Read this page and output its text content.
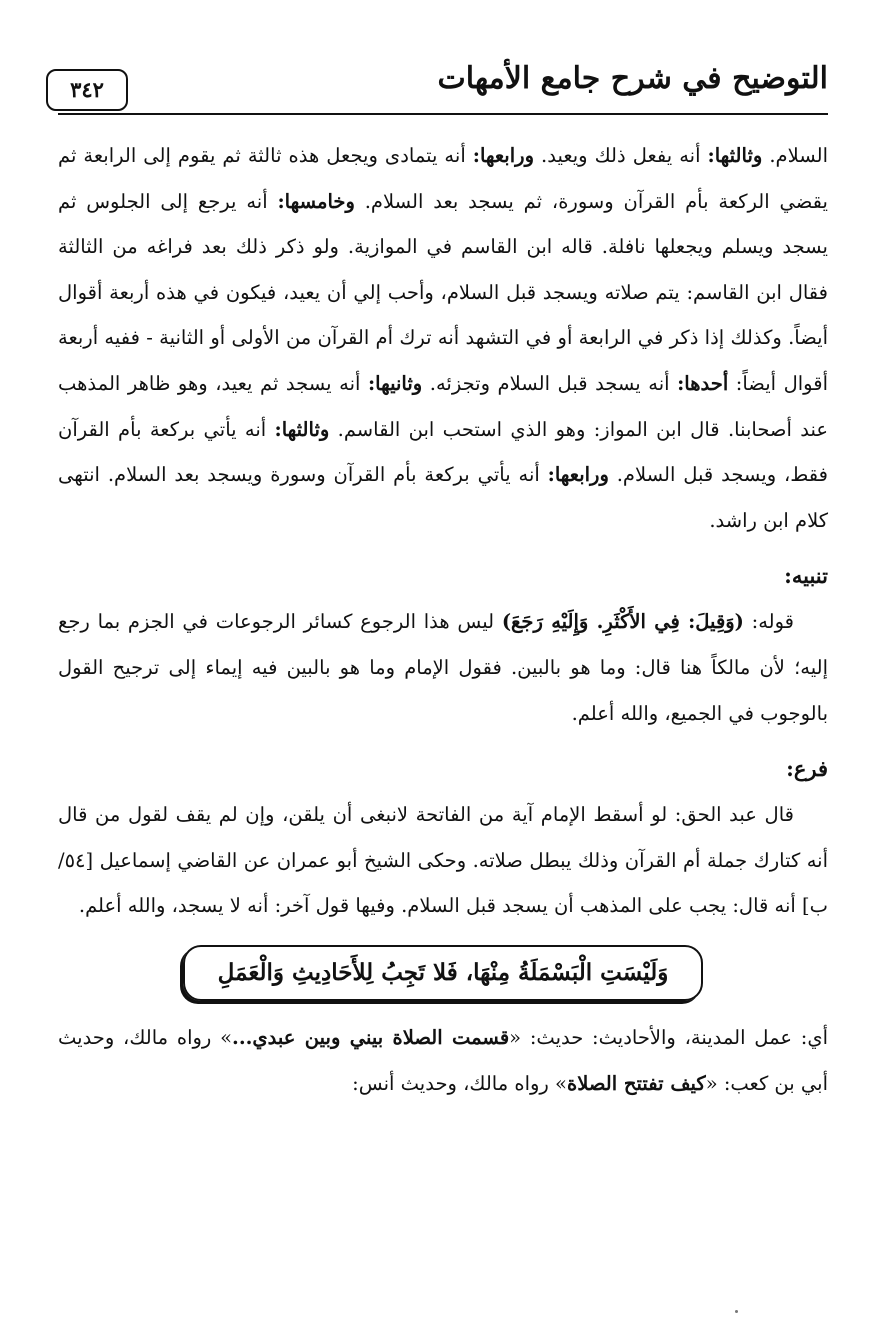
التوضيح في شرح جامع الأمهات
٣٤٢

السلام. وثالثها: أنه يفعل ذلك ويعيد. ورابعها: أنه يتمادى ويجعل هذه ثالثة ثم يقوم إلى الرابعة ثم يقضي الركعة بأم القرآن وسورة، ثم يسجد بعد السلام. وخامسها: أنه يرجع إلى الجلوس ثم يسجد ويسلم ويجعلها نافلة. قاله ابن القاسم في الموازية. ولو ذكر ذلك بعد فراغه من الثالثة فقال ابن القاسم: يتم صلاته ويسجد قبل السلام، وأحب إلي أن يعيد، فيكون في هذه أربعة أقوال أيضاً. وكذلك إذا ذكر في الرابعة أو في التشهد أنه ترك أم القرآن من الأولى أو الثانية - ففيه أربعة أقوال أيضاً: أحدها: أنه يسجد قبل السلام وتجزئه. وثانيها: أنه يسجد ثم يعيد، وهو ظاهر المذهب عند أصحابنا. قال ابن المواز: وهو الذي استحب ابن القاسم. وثالثها: أنه يأتي بركعة بأم القرآن فقط، ويسجد قبل السلام. ورابعها: أنه يأتي بركعة بأم القرآن وسورة ويسجد بعد السلام. انتهى كلام ابن راشد.

تنبيه:

قوله: (وَقِيلَ: فِي الأَكْثَرِ. وَإِلَيْهِ رَجَعَ) ليس هذا الرجوع كسائر الرجوعات في الجزم بما رجع إليه؛ لأن مالكاً هنا قال: وما هو بالبين. فقول الإمام وما هو بالبين فيه إيماء إلى ترجيح القول بالوجوب في الجميع، والله أعلم.

فرع:

قال عبد الحق: لو أسقط الإمام آية من الفاتحة لانبغى أن يلقن، وإن لم يقف لقول من قال أنه كتارك جملة أم القرآن وذلك يبطل صلاته. وحكى الشيخ أبو عمران عن القاضي إسماعيل [٥٤/ ب] أنه قال: يجب على المذهب أن يسجد قبل السلام. وفيها قول آخر: أنه لا يسجد، والله أعلم.

وَلَيْسَتِ الْبَسْمَلَةُ مِنْهَا، فَلا تَجِبُ لِلأَحَادِيثِ وَالْعَمَلِ

أي: عمل المدينة، والأحاديث: حديث: «قسمت الصلاة بيني وبين عبدي...» رواه مالك، وحديث أبي بن كعب: «كيف تفتتح الصلاة» رواه مالك، وحديث أنس:
